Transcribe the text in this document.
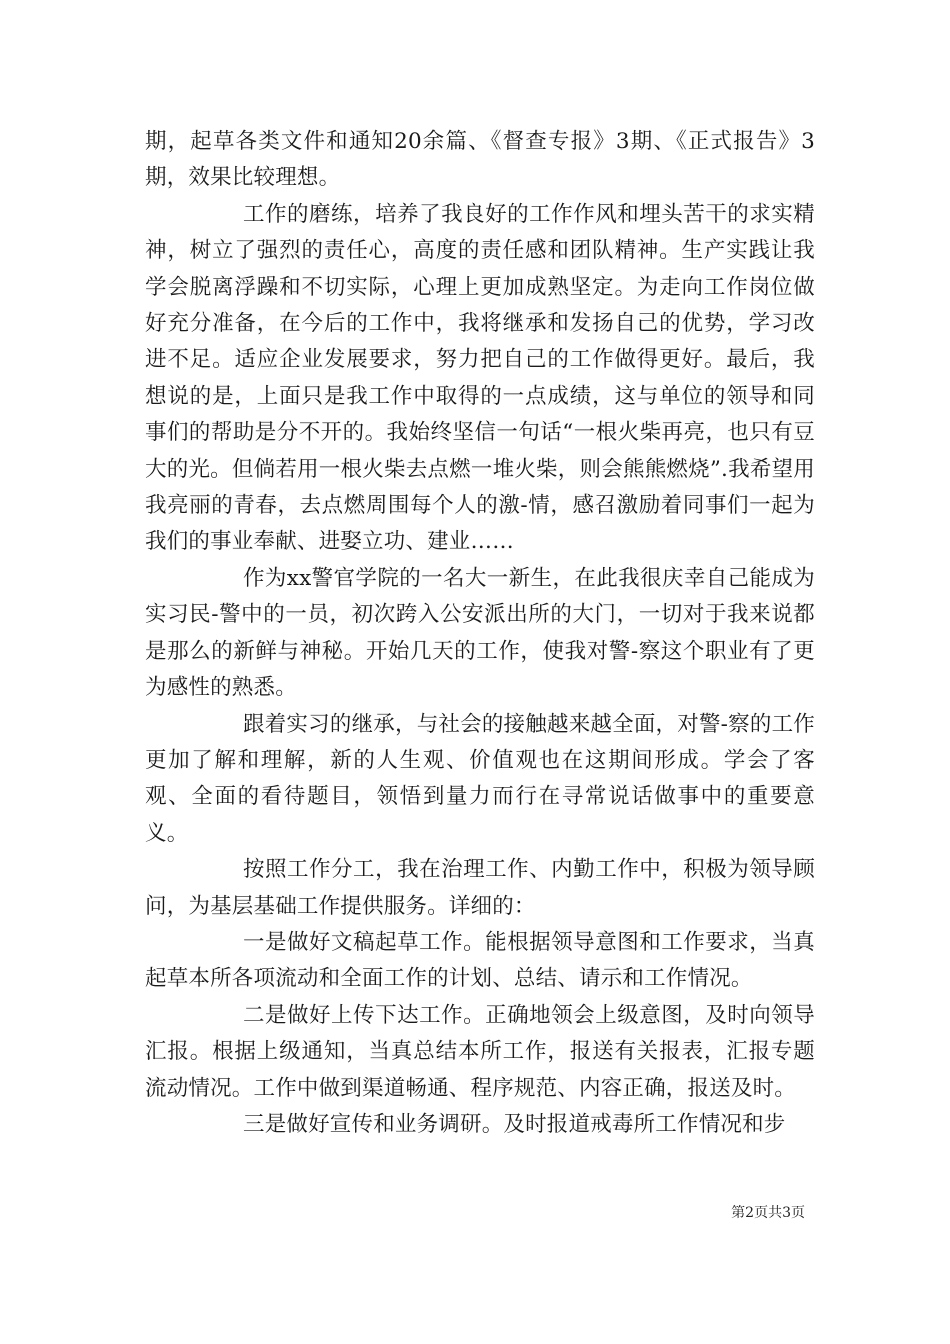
期，起草各类文件和通知20余篇、《督查专报》3期、《正式报告》3期，效果比较理想。

工作的磨练，培养了我良好的工作作风和埋头苦干的求实精神，树立了强烈的责任心，高度的责任感和团队精神。生产实践让我学会脱离浮躁和不切实际，心理上更加成熟坚定。为走向工作岗位做好充分准备，在今后的工作中，我将继承和发扬自己的优势，学习改进不足。适应企业发展要求，努力把自己的工作做得更好。最后，我想说的是，上面只是我工作中取得的一点成绩，这与单位的领导和同事们的帮助是分不开的。我始终坚信一句话“一根火柴再亮，也只有豆大的光。但倘若用一根火柴去点燃一堆火柴，则会熊熊燃烧”.我希望用我亮丽的青春，去点燃周围每个人的激-情，感召激励着同事们一起为我们的事业奉献、进娶立功、建业……

作为xx警官学院的一名大一新生，在此我很庆幸自己能成为实习民-警中的一员，初次跨入公安派出所的大门，一切对于我来说都是那么的新鲜与神秘。开始几天的工作，使我对警-察这个职业有了更为感性的熟悉。

跟着实习的继承，与社会的接触越来越全面，对警-察的工作更加了解和理解，新的人生观、价值观也在这期间形成。学会了客观、全面的看待题目，领悟到量力而行在寻常说话做事中的重要意义。

按照工作分工，我在治理工作、内勤工作中，积极为领导顾问，为基层基础工作提供服务。详细的：

一是做好文稿起草工作。能根据领导意图和工作要求，当真起草本所各项流动和全面工作的计划、总结、请示和工作情况。

二是做好上传下达工作。正确地领会上级意图，及时向领导汇报。根据上级通知，当真总结本所工作，报送有关报表，汇报专题流动情况。工作中做到渠道畅通、程序规范、内容正确，报送及时。

三是做好宣传和业务调研。及时报道戒毒所工作情况和步

第2页共3页
